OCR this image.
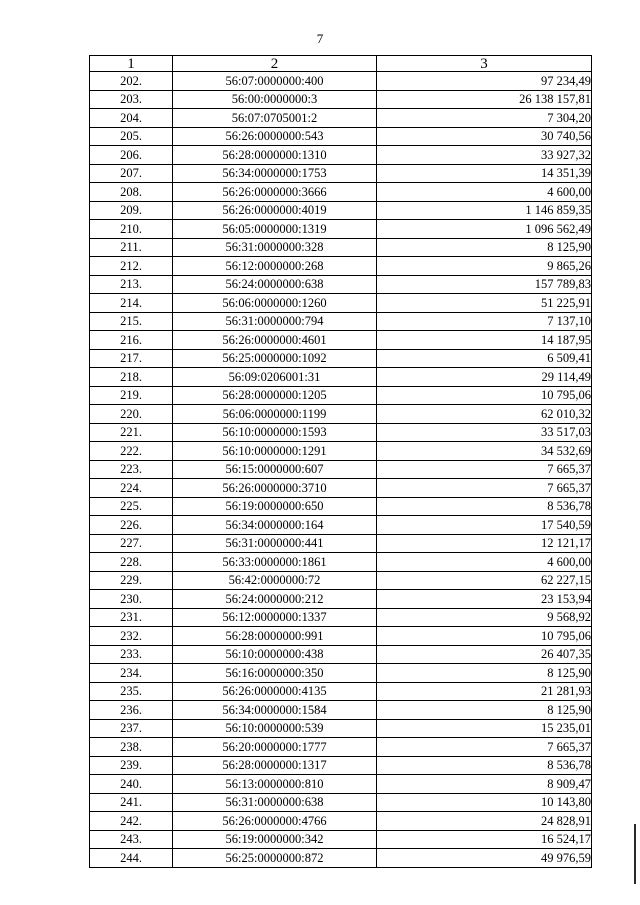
7
1	2	3
202.	56:07:0000000:400	97 234,49
203.	56:00:0000000:3	26 138 157,81
204.	56:07:0705001:2	7 304,20
205.	56:26:0000000:543	30 740,56
206.	56:28:0000000:1310	33 927,32
207.	56:34:0000000:1753	14 351,39
208.	56:26:0000000:3666	4 600,00
209.	56:26:0000000:4019	1 146 859,35
210.	56:05:0000000:1319	1 096 562,49
211.	56:31:0000000:328	8 125,90
212.	56:12:0000000:268	9 865,26
213.	56:24:0000000:638	157 789,83
214.	56:06:0000000:1260	51 225,91
215.	56:31:0000000:794	7 137,10
216.	56:26:0000000:4601	14 187,95
217.	56:25:0000000:1092	6 509,41
218.	56:09:0206001:31	29 114,49
219.	56:28:0000000:1205	10 795,06
220.	56:06:0000000:1199	62 010,32
221.	56:10:0000000:1593	33 517,03
222.	56:10:0000000:1291	34 532,69
223.	56:15:0000000:607	7 665,37
224.	56:26:0000000:3710	7 665,37
225.	56:19:0000000:650	8 536,78
226.	56:34:0000000:164	17 540,59
227.	56:31:0000000:441	12 121,17
228.	56:33:0000000:1861	4 600,00
229.	56:42:0000000:72	62 227,15
230.	56:24:0000000:212	23 153,94
231.	56:12:0000000:1337	9 568,92
232.	56:28:0000000:991	10 795,06
233.	56:10:0000000:438	26 407,35
234.	56:16:0000000:350	8 125,90
235.	56:26:0000000:4135	21 281,93
236.	56:34:0000000:1584	8 125,90
237.	56:10:0000000:539	15 235,01
238.	56:20:0000000:1777	7 665,37
239.	56:28:0000000:1317	8 536,78
240.	56:13:0000000:810	8 909,47
241.	56:31:0000000:638	10 143,80
242.	56:26:0000000:4766	24 828,91
243.	56:19:0000000:342	16 524,17
244.	56:25:0000000:872	49 976,59
